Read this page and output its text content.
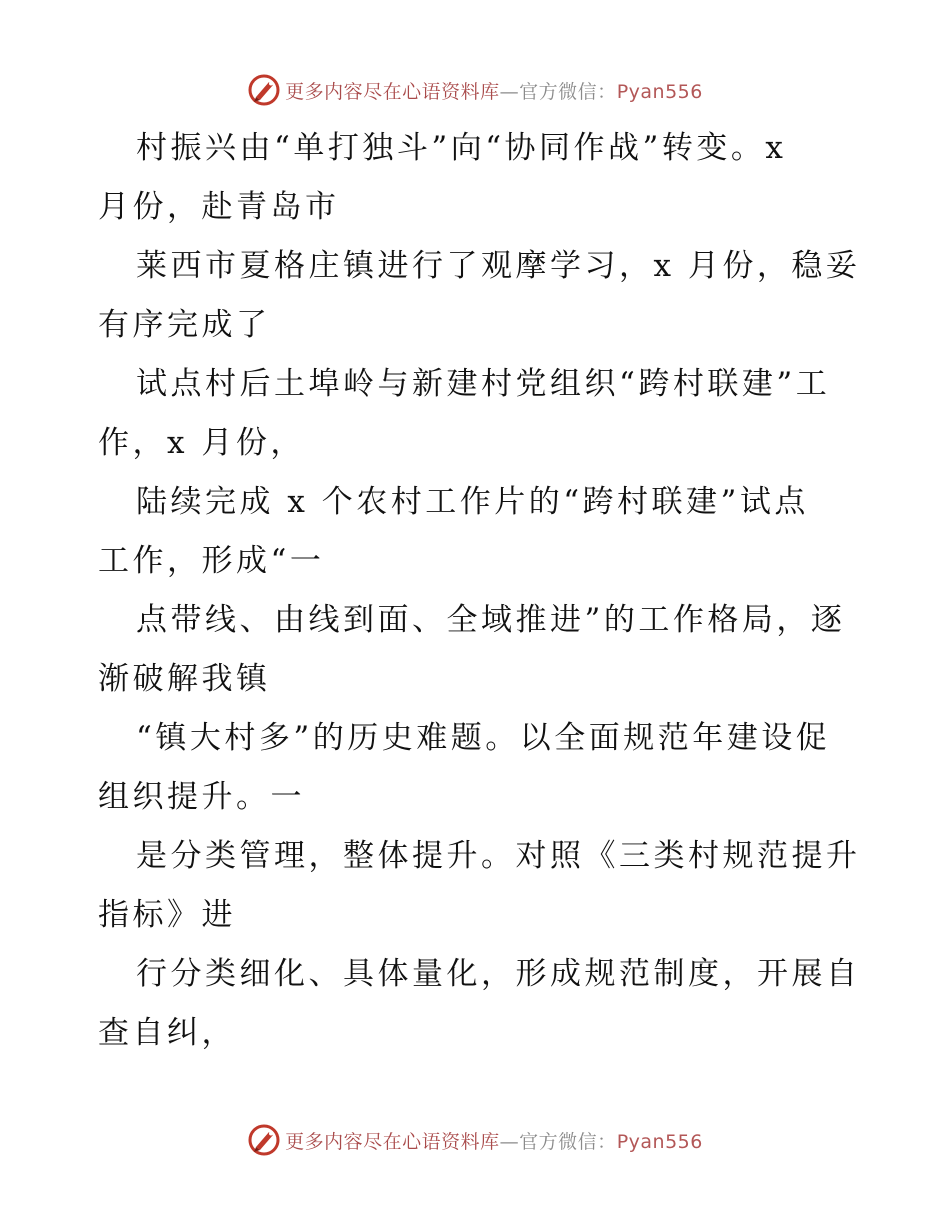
更多内容尽在心语资料库—官方微信：Pyan556
村振兴由“单打独斗”向“协同作战”转变。x
月份，赴青岛市
莱西市夏格庄镇进行了观摩学习，x 月份，稳妥
有序完成了
试点村后土埠岭与新建村党组织“跨村联建”工
作，x 月份，
陆续完成 x 个农村工作片的“跨村联建”试点
工作，形成“一
点带线、由线到面、全域推进”的工作格局，逐
渐破解我镇
“镇大村多”的历史难题。以全面规范年建设促
组织提升。一
是分类管理，整体提升。对照《三类村规范提升
指标》进
行分类细化、具体量化，形成规范制度，开展自
查自纠，
更多内容尽在心语资料库—官方微信：Pyan556
